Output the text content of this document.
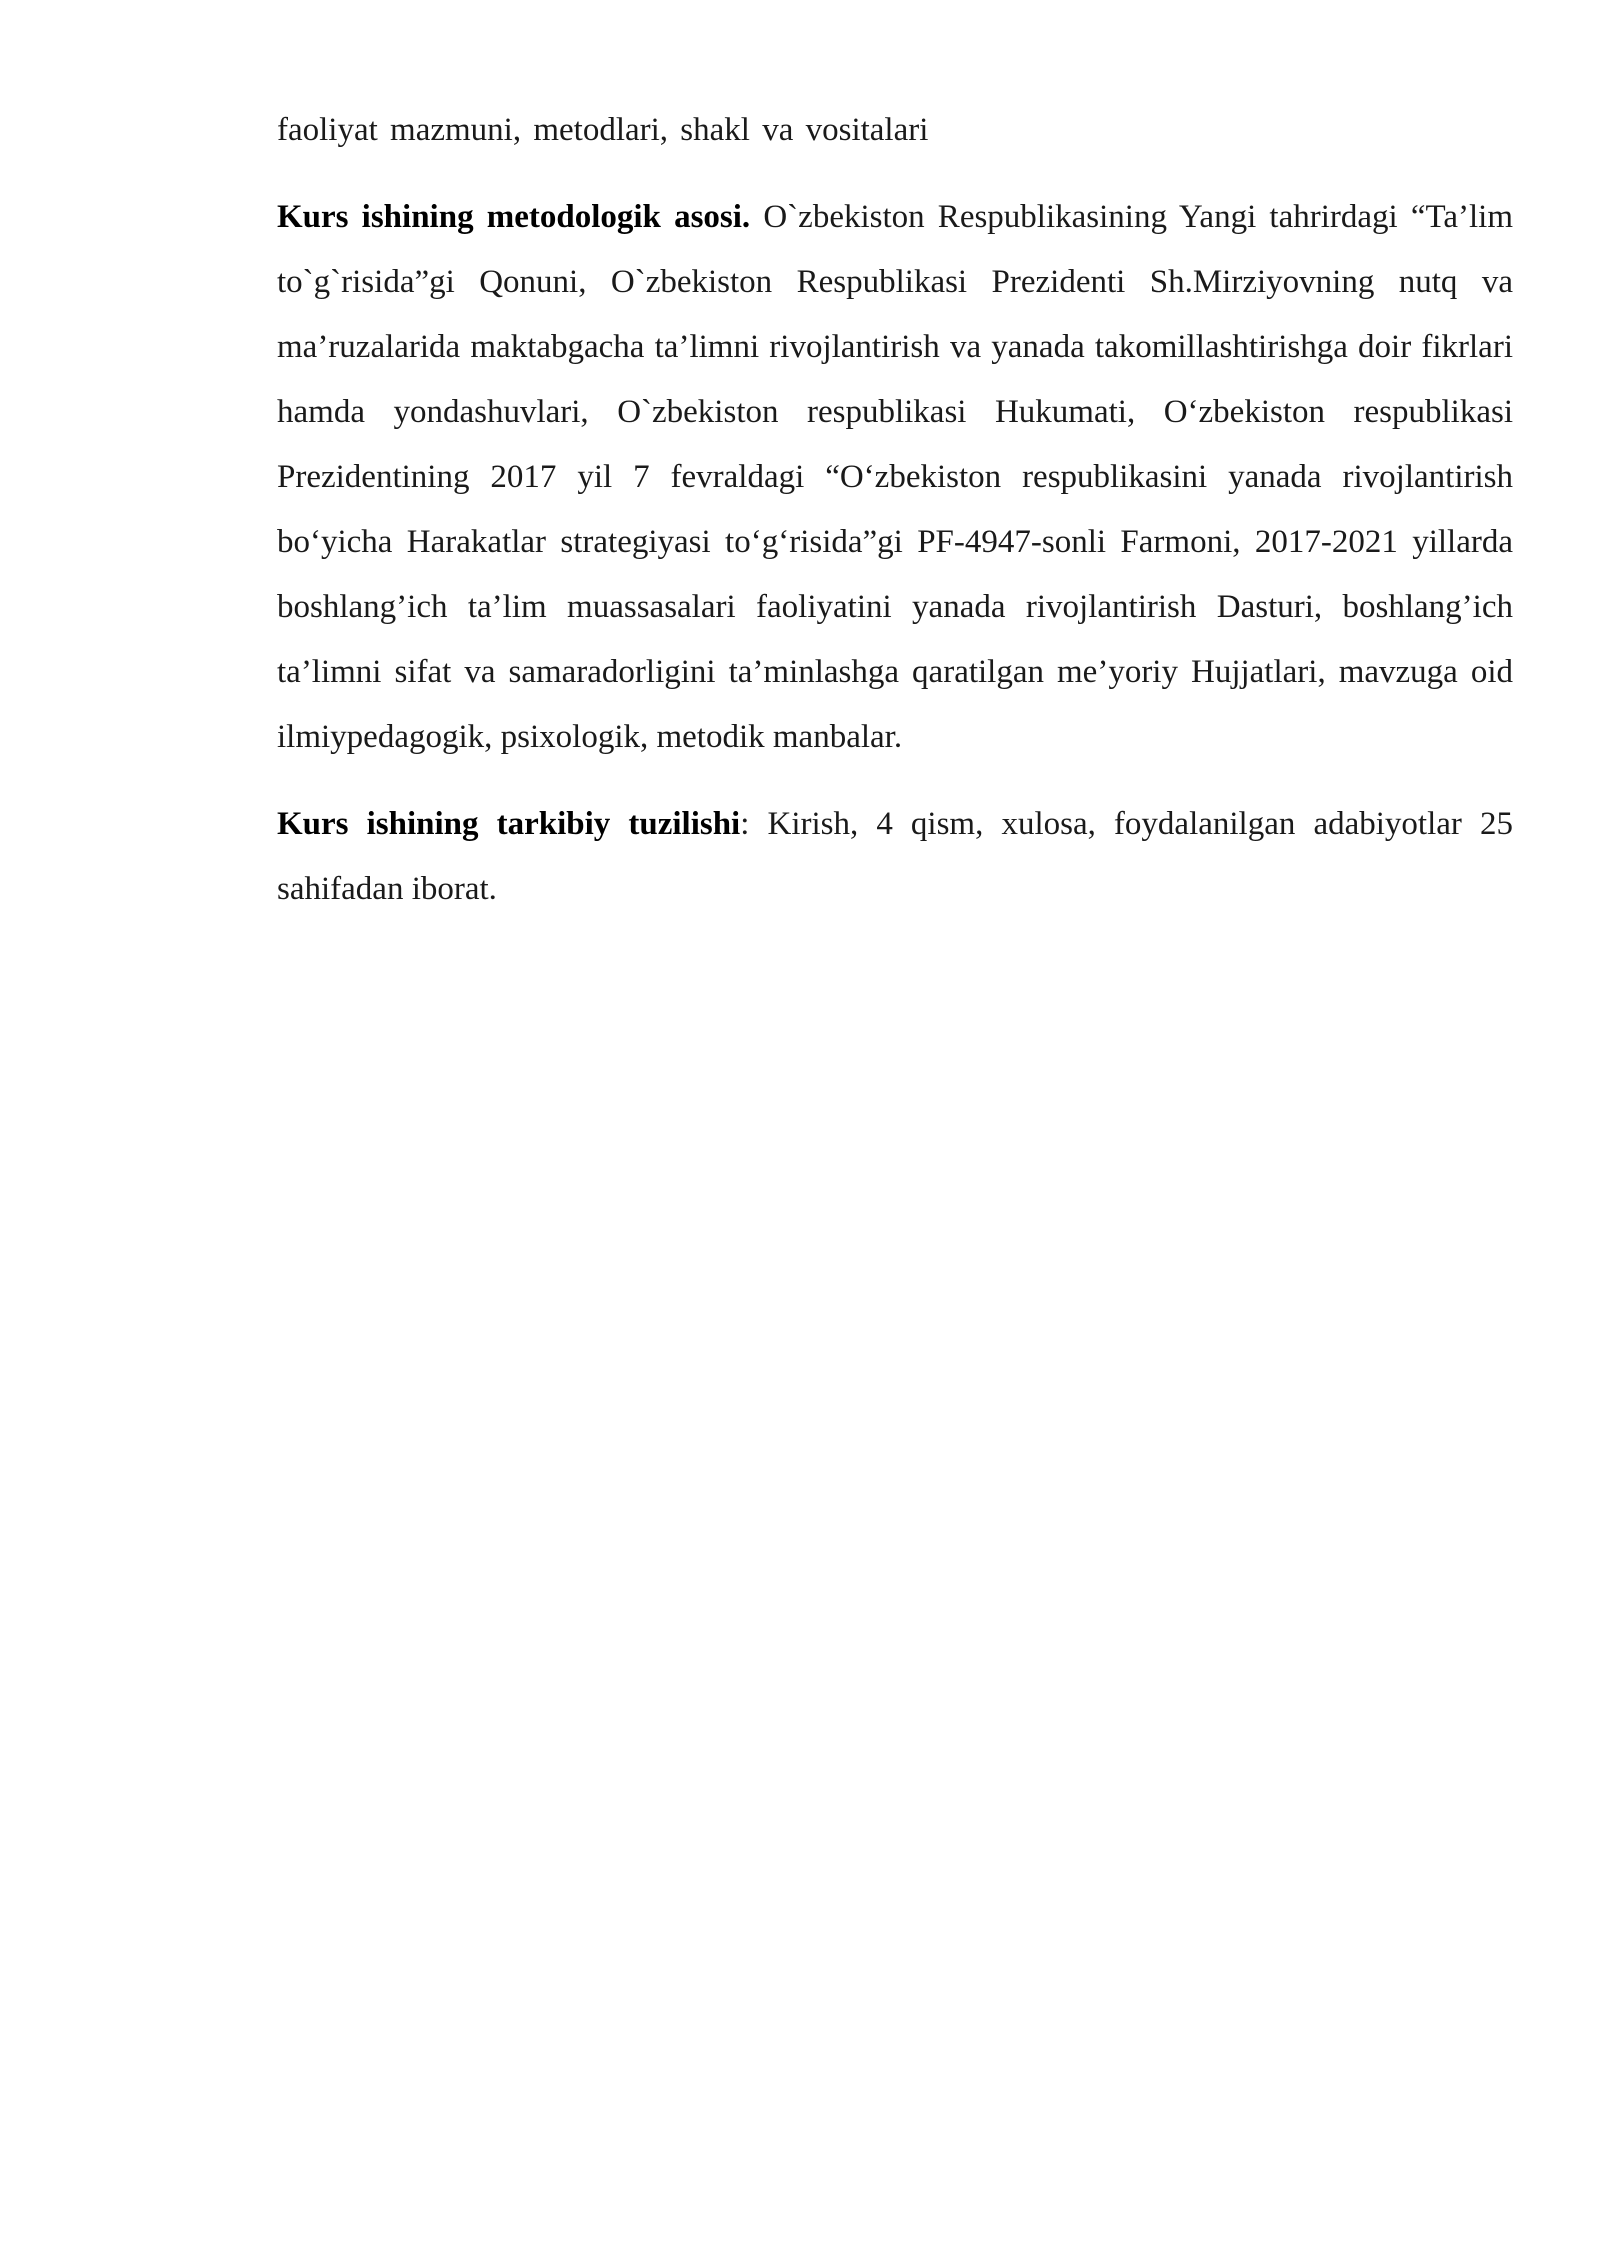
faoliyat mazmuni, metodlari, shakl va vositalari

Kurs ishining metodologik asosi. O`zbekiston Respublikasining Yangi tahrirdagi “Ta’lim to`g`risida”gi Qonuni, O`zbekiston Respublikasi Prezidenti Sh.Mirziyovning nutq va ma’ruzalarida maktabgacha ta’limni rivojlantirish va yanada takomillashtirishga doir fikrlari hamda yondashuvlari, O`zbekiston respublikasi Hukumati, O‘zbekiston respublikasi Prezidentining 2017 yil 7 fevraldagi “O‘zbekiston respublikasini yanada rivojlantirish bo‘yicha Harakatlar strategiyasi to‘g‘risida”gi PF-4947-sonli Farmoni, 2017-2021 yillarda boshlang’ich ta’lim muassasalari faoliyatini yanada rivojlantirish Dasturi, boshlang’ich ta’limni sifat va samaradorligini ta’minlashga qaratilgan me’yoriy Hujjatlari, mavzuga oid ilmiypedagogik, psixologik, metodik manbalar.

Kurs ishining tarkibiy tuzilishi: Kirish, 4 qism, xulosa, foydalanilgan adabiyotlar 25 sahifadan iborat.
